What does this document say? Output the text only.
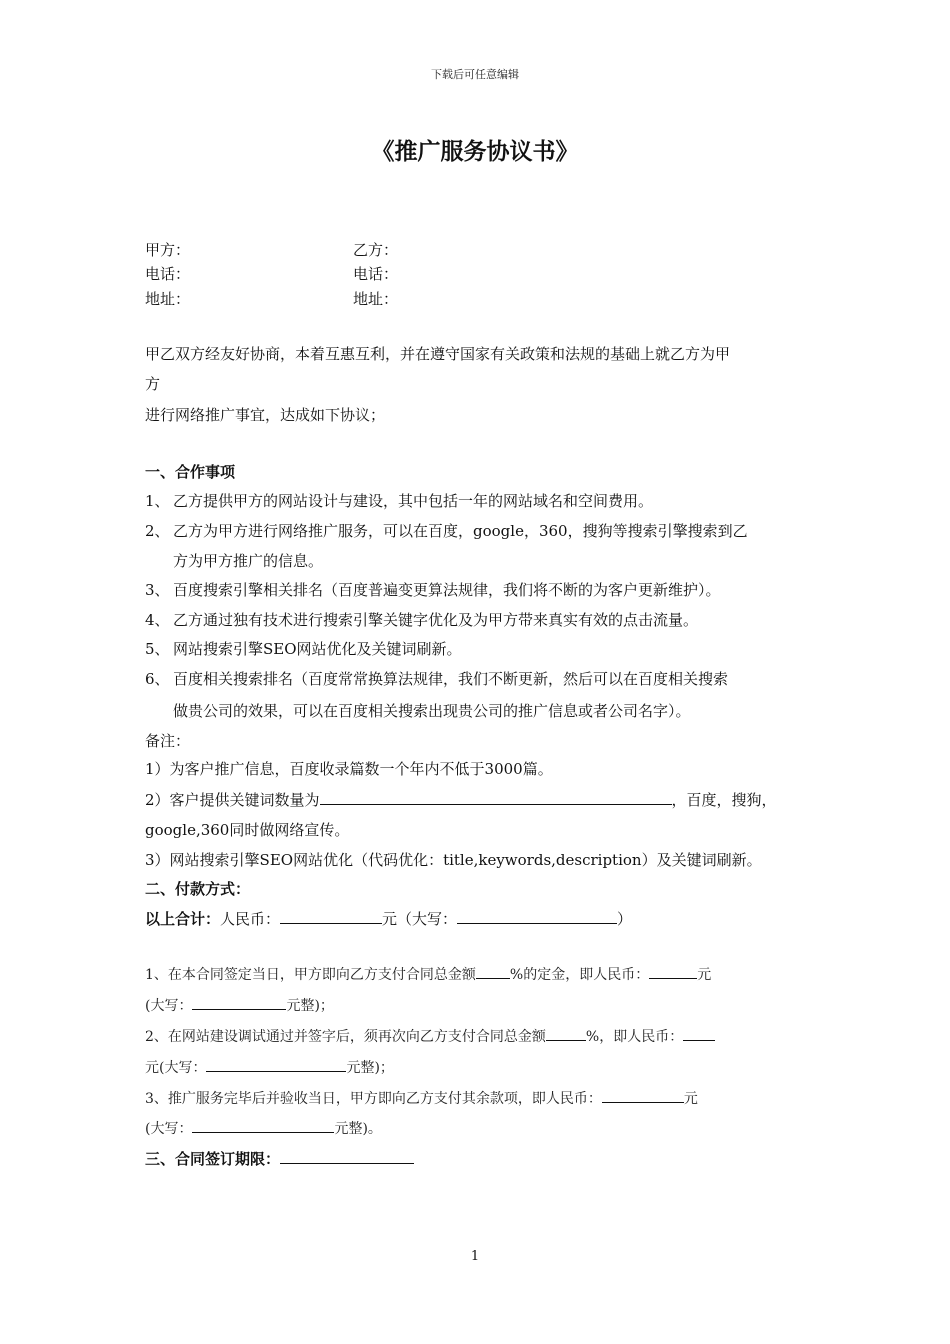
下载后可任意编辑
《推广服务协议书》
甲方：	乙方：
电话：	电话：
地址：	地址：
甲乙双方经友好协商，本着互惠互利，并在遵守国家有关政策和法规的基础上就乙方为甲
方
进行网络推广事宜，达成如下协议；
一、合作事项
1、 乙方提供甲方的网站设计与建设，其中包括一年的网站域名和空间费用。
2、 乙方为甲方进行网络推广服务，可以在百度，google，360，搜狗等搜索引擎搜索到乙
方为甲方推广的信息。
3、 百度搜索引擎相关排名（百度普遍变更算法规律，我们将不断的为客户更新维护）。
4、 乙方通过独有技术进行搜索引擎关键字优化及为甲方带来真实有效的点击流量。
5、 网站搜索引擎SEO网站优化及关键词刷新。
6、 百度相关搜索排名（百度常常换算法规律，我们不断更新，然后可以在百度相关搜索
做贵公司的效果，可以在百度相关搜索出现贵公司的推广信息或者公司名字）。
备注：
1）为客户推广信息，百度收录篇数一个年内不低于3000篇。
2）客户提供关键词数量为	，百度，搜狗，
google,360同时做网络宣传。
3）网站搜索引擎SEO网站优化（代码优化：title,keywords,description）及关键词刷新。
二、付款方式：
以上合计：人民币：	元（大写：	）
1、在本合同签定当日，甲方即向乙方支付合同总金额 %的定金，即人民币：	元
(大写：	元整)；
2、在网站建设调试通过并签字后，须再次向乙方支付合同总金额	%，即人民币：
元(大写：	元整)；
3、推广服务完毕后并验收当日，甲方即向乙方支付其余款项，即人民币：	元
(大写：	元整)。
三、合同签订期限：
1
